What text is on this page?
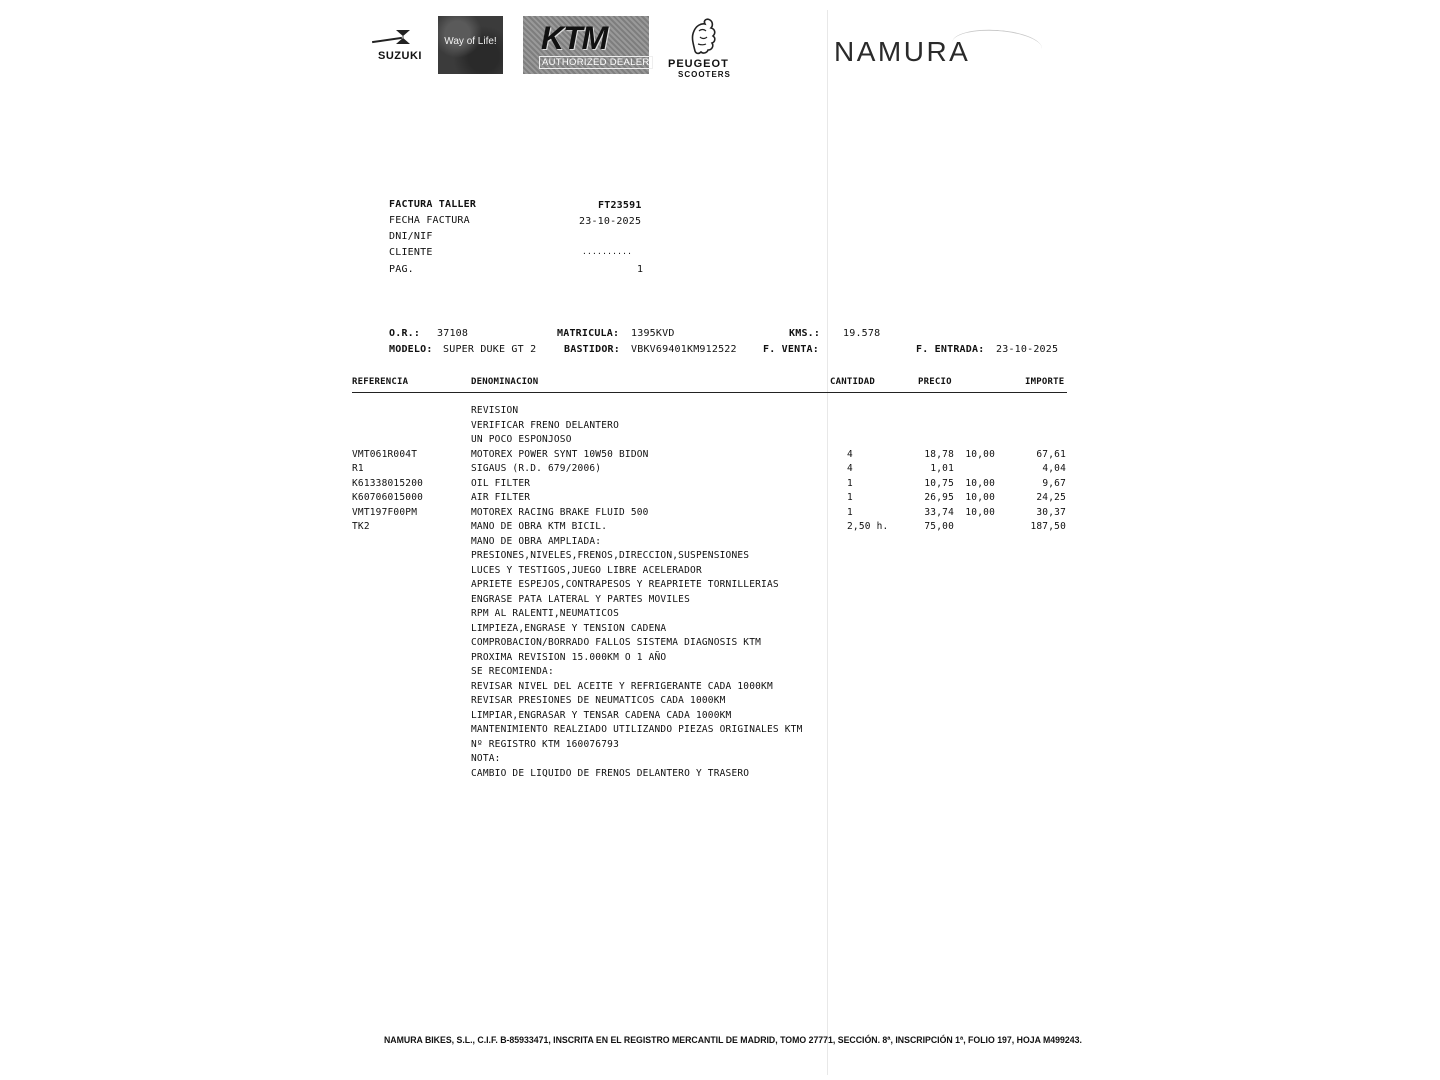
SUZUKI
Way of Life! KTM
AUTHORIZED DEALER PEUGEOT
SCOOTERS
NAMURA
FACTURA TALLER	FT23591
FECHA FACTURA	23-10-2025
DNI/NIF
CLIENTE	..........
PAG.	1
O.R.: 37108	MATRICULA: 1395KVD	KMS.: 19.578
MODELO: SUPER DUKE GT 2	BASTIDOR: VBKV69401KM912522	F. VENTA:	F. ENTRADA: 23-10-2025
REFERENCIA	DENOMINACION	CANTIDAD	PRECIO	IMPORTE
REVISION
VERIFICAR FRENO DELANTERO
UN POCO ESPONJOSO
VMT061R004T	MOTOREX POWER SYNT 10W50 BIDON	4	18,78 10,00	67,61
R1	SIGAUS (R.D. 679/2006)	4	1,01	4,04
K61338015200	OIL FILTER	1	10,75 10,00	9,67
K60706015000	AIR FILTER	1	26,95 10,00	24,25
VMT197F00PM	MOTOREX RACING BRAKE FLUID 500	1	33,74 10,00	30,37
TK2	MANO DE OBRA KTM BICIL.	2,50 h.	75,00	187,50
MANO DE OBRA AMPLIADA:
PRESIONES,NIVELES,FRENOS,DIRECCION,SUSPENSIONES
LUCES Y TESTIGOS,JUEGO LIBRE ACELERADOR
APRIETE ESPEJOS,CONTRAPESOS Y REAPRIETE TORNILLERIAS
ENGRASE PATA LATERAL Y PARTES MOVILES
RPM AL RALENTI,NEUMATICOS
LIMPIEZA,ENGRASE Y TENSION CADENA
COMPROBACION/BORRADO FALLOS SISTEMA DIAGNOSIS KTM
PROXIMA REVISION 15.000KM O 1 AÑO
SE RECOMIENDA:
REVISAR NIVEL DEL ACEITE Y REFRIGERANTE CADA 1000KM
REVISAR PRESIONES DE NEUMATICOS CADA 1000KM
LIMPIAR,ENGRASAR Y TENSAR CADENA CADA 1000KM
MANTENIMIENTO REALZIADO UTILIZANDO PIEZAS ORIGINALES KTM
Nº REGISTRO KTM 160076793
NOTA:
CAMBIO DE LIQUIDO DE FRENOS DELANTERO Y TRASERO
NAMURA BIKES, S.L., C.I.F. B-85933471, INSCRITA EN EL REGISTRO MERCANTIL DE MADRID, TOMO 27771, SECCIÓN. 8ª, INSCRIPCIÓN 1ª, FOLIO 197, HOJA M499243.
